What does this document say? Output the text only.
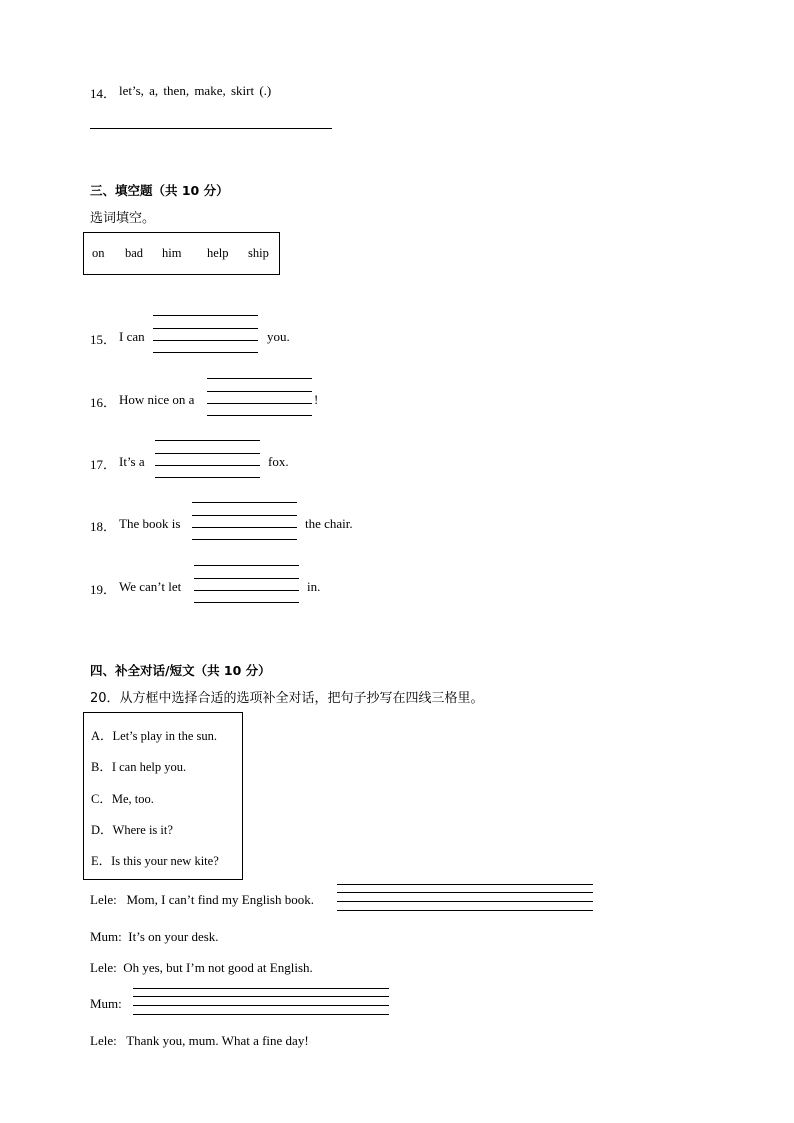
14． let’s, a, then, make, skirt (.)
三、填空题（共 10 分）
选词填空。
on bad him help ship
15． I can	you.
16． How nice on a	!
17． It’s a	fox.
18． The book is	the chair.
19． We can’t let	in.
四、补全对话/短文（共 10 分）
20．从方框中选择合适的选项补全对话，把句子抄写在四线三格里。
A．Let’s play in the sun.
B．I can help you.
C．Me, too.
D．Where is it?
E．Is this your new kite?
Lele:   Mom, I can’t find my English book.
Mum:  It’s on your desk.
Lele:  Oh yes, but I’m not good at English.
Mum:
Lele:   Thank you, mum. What a fine day!
